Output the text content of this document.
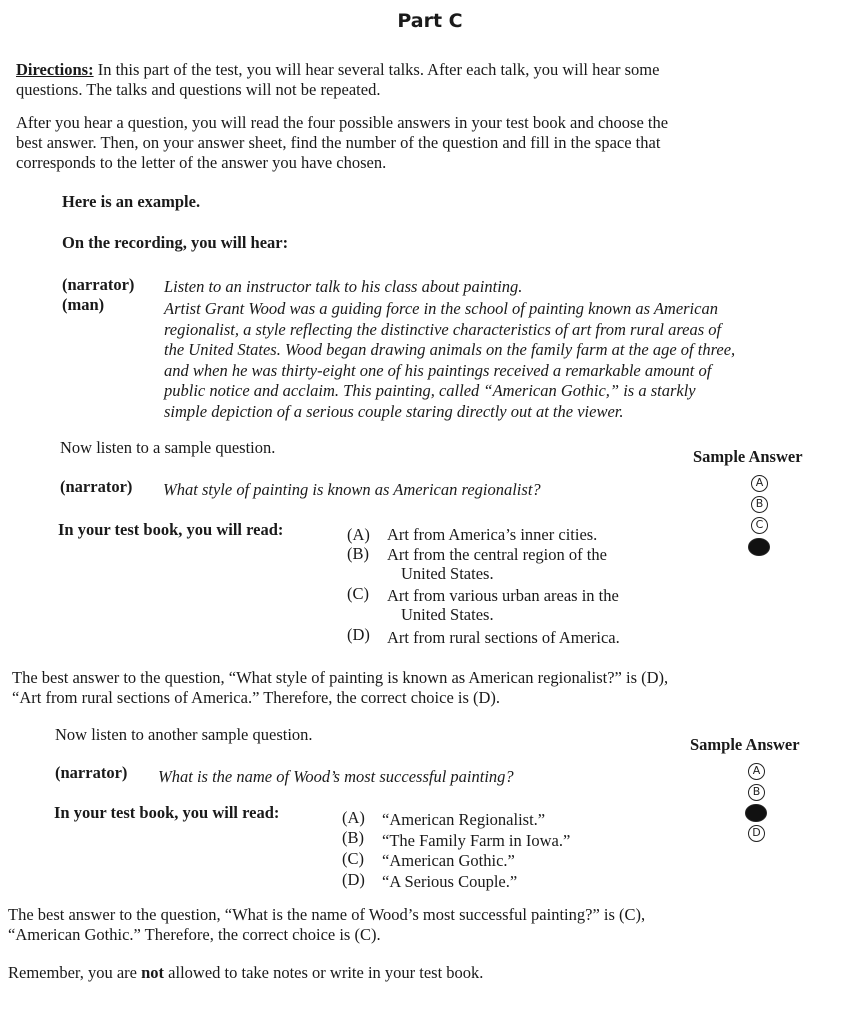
Part C
Directions: In this part of the test, you will hear several talks. After each talk, you will hear some
questions. The talks and questions will not be repeated.
After you hear a question, you will read the four possible answers in your test book and choose the
best answer. Then, on your answer sheet, find the number of the question and fill in the space that
corresponds to the letter of the answer you have chosen.
Here is an example.
On the recording, you will hear:
(narrator) Listen to an instructor talk to his class about painting.
(man)	Artist Grant Wood was a guiding force in the school of painting known as American
regionalist, a style reflecting the distinctive characteristics of art from rural areas of
the United States. Wood began drawing animals on the family farm at the age of three,
and when he was thirty-eight one of his paintings received a remarkable amount of
public notice and acclaim. This painting, called “American Gothic,” is a starkly
simple depiction of a serious couple staring directly out at the viewer.
Now listen to a sample question.	Sample Answer
(narrator) What style of painting is known as American regionalist?	A
B
C
In your test book, you will read:	(A) Art from America’s inner cities.
(B) Art from the central region of the
United States.
(C) Art from various urban areas in the
United States.
(D) Art from rural sections of America.
The best answer to the question, “What style of painting is known as American regionalist?” is (D),
“Art from rural sections of America.” Therefore, the correct choice is (D).
Now listen to another sample question.
Sample Answer
(narrator) What is the name of Wood’s most successful painting?	A
B
D
In your test book, you will read:	(A) “American Regionalist.”
(B) “The Family Farm in Iowa.”
(C) “American Gothic.”
(D) “A Serious Couple.”
The best answer to the question, “What is the name of Wood’s most successful painting?” is (C),
“American Gothic.” Therefore, the correct choice is (C).
Remember, you are not allowed to take notes or write in your test book.
